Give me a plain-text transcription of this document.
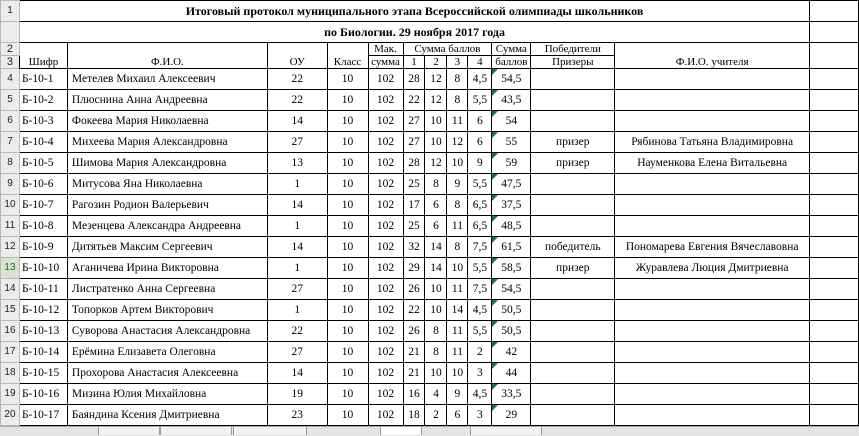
1	Итоговый протокол муниципального этапа Всероссийской олимпиады школьников												
	по Биологии. 29 ноября 2017 года												
2	Шифр	Ф.И.О.	ОУ	Класс	Мак.	Сумма баллов				Сумма	Победители	Ф.И.О. учителя	
3					сумма	1	2	3	4	баллов	Призеры		
4	Б-10-1	Метелев Михаил Алексеевич	22	10	102	28	12	8	4,5	54,5			
5	Б-10-2	Плюснина Анна Андреевна	22	10	102	22	12	8	5,5	43,5			
6	Б-10-3	Фокеева Мария Николаевна	14	10	102	27	10	11	6	54			
7	Б-10-4	Михеева Мария Александровна	27	10	102	27	10	12	6	55	призер	Рябинова Татьяна Владимировна	
8	Б-10-5	Шимова Мария Александровна	13	10	102	28	12	10	9	59	призер	Науменкова Елена Витальевна	
9	Б-10-6	Митусова Яна Николаевна	1	10	102	25	8	9	5,5	47,5			
10	Б-10-7	Рагозин Родион Валерьевич	14	10	102	17	6	8	6,5	37,5			
11	Б-10-8	Мезенцева Александра Андреевна	1	10	102	25	6	11	6,5	48,5			
12	Б-10-9	Дитятьев Максим Сергеевич	14	10	102	32	14	8	7,5	61,5	победитель	Пономарева Евгения Вячеславовна	
13	Б-10-10	Аганичева Ирина Викторовна	1	10	102	29	14	10	5,5	58,5	призер	Журавлева Люция Дмитриевна	
14	Б-10-11	Листратенко Анна Сергеевна	27	10	102	26	10	11	7,5	54,5			
15	Б-10-12	Топорков Артем Викторович	1	10	102	22	10	14	4,5	50,5			
16	Б-10-13	Суворова Анастасия Александровна	22	10	102	26	8	11	5,5	50,5			
17	Б-10-14	Ерёмина Елизавета Олеговна	27	10	102	21	8	11	2	42			
18	Б-10-15	Прохорова Анастасия Алексеевна	14	10	102	21	10	10	3	44			
19	Б-10-16	Мизина Юлия Михайловна	19	10	102	16	4	9	4,5	33,5			
20	Б-10-17	Баяндина Ксения Дмитриевна	23	10	102	18	2	6	3	29			
